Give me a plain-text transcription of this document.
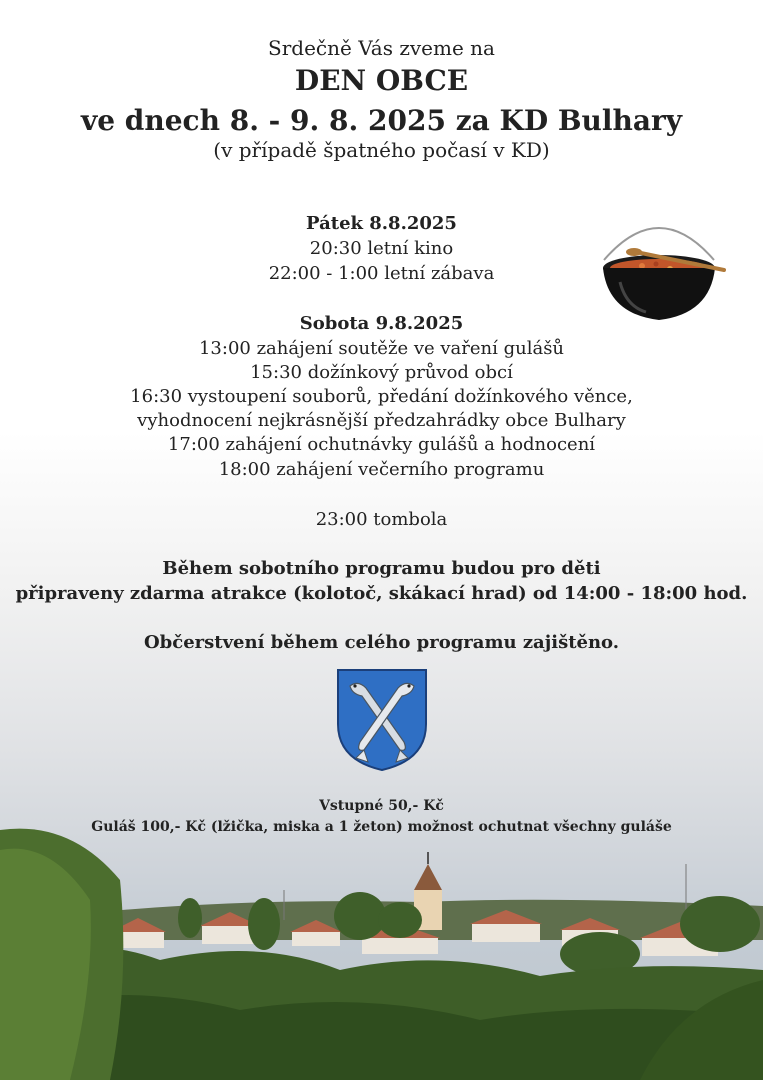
Srdečně Vás zveme na
DEN OBCE
ve dnech 8. - 9. 8. 2025 za KD Bulhary
(v případě špatného počasí v KD)
Pátek 8.8.2025
20:30 letní kino
22:00 - 1:00 letní zábava
Sobota 9.8.2025
13:00 zahájení soutěže ve vaření gulášů
15:30 dožínkový průvod obcí
16:30 vystoupení souborů, předání dožínkového věnce,
vyhodnocení nejkrásnější předzahrádky obce Bulhary
17:00 zahájení ochutnávky gulášů a hodnocení
18:00 zahájení večerního programu
23:00 tombola
Během sobotního programu budou pro děti
připraveny zdarma atrakce (kolotoč, skákací hrad) od 14:00 - 18:00 hod.
Občerstvení během celého programu zajištěno.
Vstupné 50,- Kč
Guláš 100,- Kč (lžička, miska a 1 žeton) možnost ochutnat všechny guláše
